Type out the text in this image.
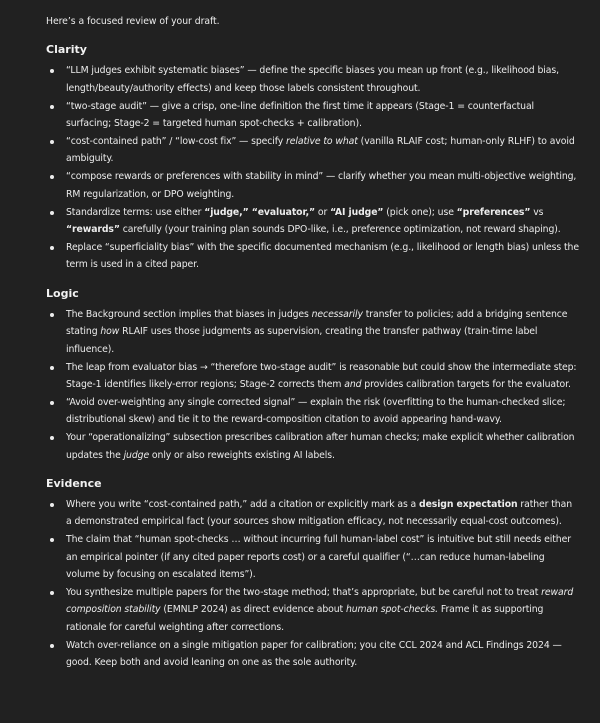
Here’s a focused review of your draft.

Clarity
“LLM judges exhibit systematic biases” — define the specific biases you mean up front (e.g., likelihood bias, length/beauty/authority effects) and keep those labels consistent throughout.
“two-stage audit” — give a crisp, one-line definition the first time it appears (Stage-1 = counterfactual surfacing; Stage-2 = targeted human spot-checks + calibration).
“cost-contained path” / “low-cost fix” — specify relative to what (vanilla RLAIF cost; human-only RLHF) to avoid ambiguity.
“compose rewards or preferences with stability in mind” — clarify whether you mean multi-objective weighting, RM regularization, or DPO weighting.
Standardize terms: use either “judge,” “evaluator,” or “AI judge” (pick one); use “preferences” vs “rewards” carefully (your training plan sounds DPO-like, i.e., preference optimization, not reward shaping).
Replace “superficiality bias” with the specific documented mechanism (e.g., likelihood or length bias) unless the term is used in a cited paper.
Logic
The Background section implies that biases in judges necessarily transfer to policies; add a bridging sentence stating how RLAIF uses those judgments as supervision, creating the transfer pathway (train-time label influence).
The leap from evaluator bias → “therefore two-stage audit” is reasonable but could show the intermediate step: Stage-1 identifies likely-error regions; Stage-2 corrects them and provides calibration targets for the evaluator.
“Avoid over-weighting any single corrected signal” — explain the risk (overfitting to the human-checked slice; distributional skew) and tie it to the reward-composition citation to avoid appearing hand-wavy.
Your “operationalizing” subsection prescribes calibration after human checks; make explicit whether calibration updates the judge only or also reweights existing AI labels.
Evidence
Where you write “cost-contained path,” add a citation or explicitly mark as a design expectation rather than a demonstrated empirical fact (your sources show mitigation efficacy, not necessarily equal-cost outcomes).
The claim that “human spot-checks … without incurring full human-label cost” is intuitive but still needs either an empirical pointer (if any cited paper reports cost) or a careful qualifier (“…can reduce human-labeling volume by focusing on escalated items”).
You synthesize multiple papers for the two-stage method; that’s appropriate, but be careful not to treat reward composition stability (EMNLP 2024) as direct evidence about human spot-checks. Frame it as supporting rationale for careful weighting after corrections.
Watch over-reliance on a single mitigation paper for calibration; you cite CCL 2024 and ACL Findings 2024 — good. Keep both and avoid leaning on one as the sole authority.
